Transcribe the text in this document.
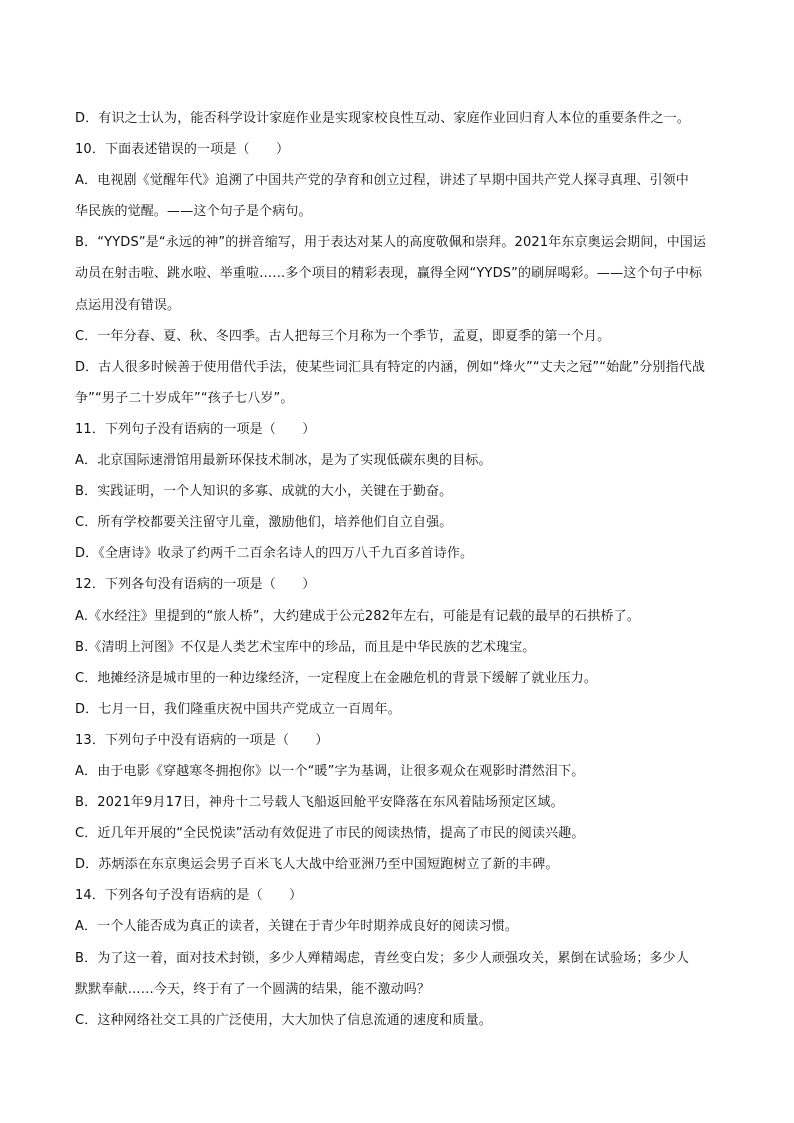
D．有识之士认为，能否科学设计家庭作业是实现家校良性互动、家庭作业回归育人本位的重要条件之一。
10．下面表述错误的一项是（　　）
A．电视剧《觉醒年代》追溯了中国共产党的孕育和创立过程，讲述了早期中国共产党人探寻真理、引领中
华民族的觉醒。——这个句子是个病句。
B．“YYDS”是“永远的神”的拼音缩写，用于表达对某人的高度敬佩和崇拜。2021年东京奥运会期间，中国运
动员在射击啦、跳水啦、举重啦……多个项目的精彩表现，赢得全网“YYDS”的刷屏喝彩。——这个句子中标
点运用没有错误。
C．一年分春、夏、秋、冬四季。古人把每三个月称为一个季节，孟夏，即夏季的第一个月。
D．古人很多时候善于使用借代手法，使某些词汇具有特定的内涵，例如“烽火”“丈夫之冠”“始龀”分别指代战
争”“男子二十岁成年”“孩子七八岁”。
11．下列句子没有语病的一项是（　　）
A．北京国际速滑馆用最新环保技术制冰，是为了实现低碳东奥的目标。
B．实践证明，一个人知识的多寡、成就的大小，关键在于勤奋。
C．所有学校都要关注留守儿童，激励他们，培养他们自立自强。
D．《全唐诗》收录了约两千二百余名诗人的四万八千九百多首诗作。
12．下列各句没有语病的一项是（　　）
A.《水经注》里提到的“旅人桥”，大约建成于公元282年左右，可能是有记载的最早的石拱桥了。
B.《清明上河图》不仅是人类艺术宝库中的珍品，而且是中华民族的艺术瑰宝。
C．地摊经济是城市里的一种边缘经济，一定程度上在金融危机的背景下缓解了就业压力。
D．七月一日，我们隆重庆祝中国共产党成立一百周年。
13．下列句子中没有语病的一项是（　　）
A．由于电影《穿越寒冬拥抱你》以一个“暖”字为基调，让很多观众在观影时潸然泪下。
B．2021年9月17日，神舟十二号载人飞船返回舱平安降落在东风着陆场预定区域。
C．近几年开展的“全民悦读”活动有效促进了市民的阅读热情，提高了市民的阅读兴趣。
D．苏炳添在东京奥运会男子百米飞人大战中给亚洲乃至中国短跑树立了新的丰碑。
14．下列各句子没有语病的是（　　）
A．一个人能否成为真正的读者，关键在于青少年时期养成良好的阅读习惯。
B．为了这一着，面对技术封锁，多少人殚精竭虑，青丝变白发；多少人顽强攻关，累倒在试验场；多少人
默默奉献……今天，终于有了一个圆满的结果，能不激动吗？
C．这种网络社交工具的广泛使用，大大加快了信息流通的速度和质量。
